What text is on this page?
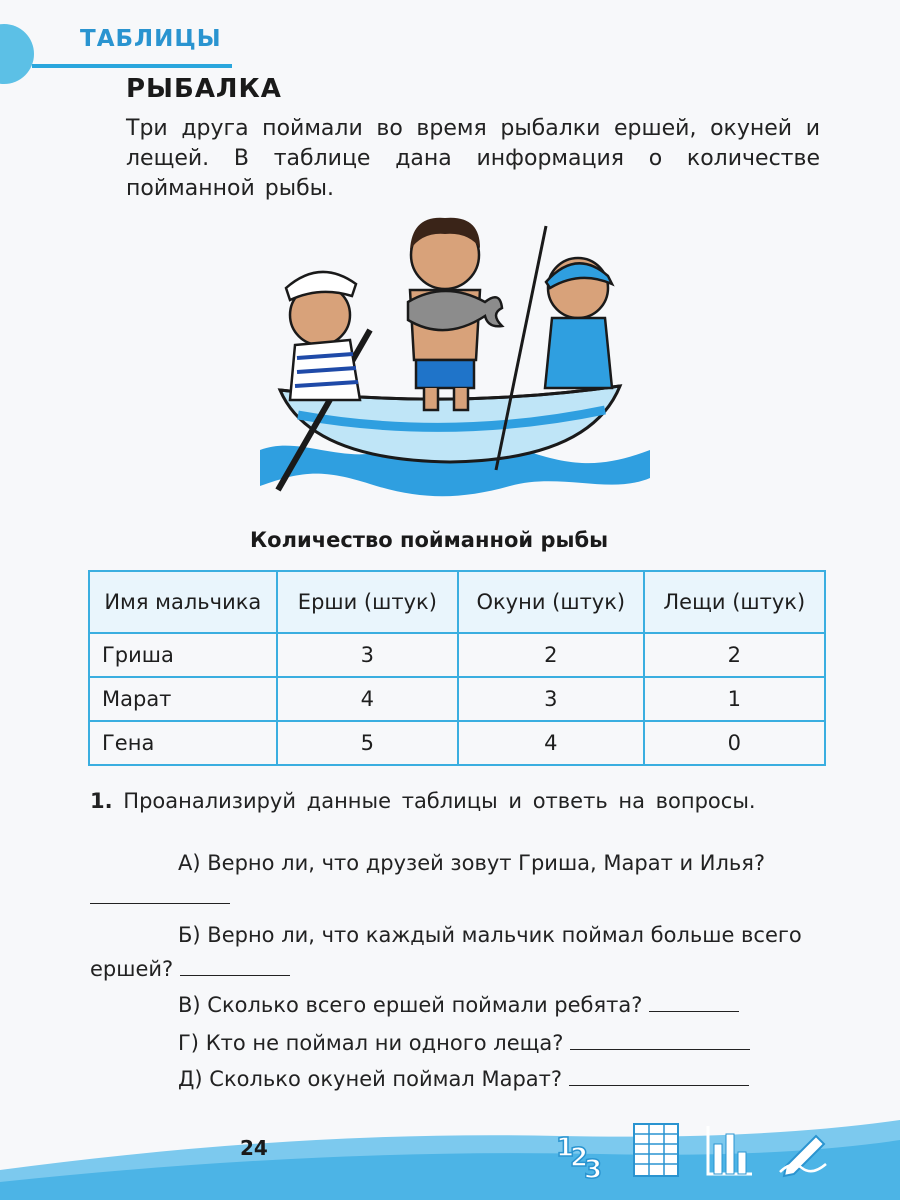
ТАБЛИЦЫ
РЫБАЛКА
Три друга поймали во время рыбалки ершей, окуней и лещей. В таблице дана информация о количестве пойманной рыбы.
Количество пойманной рыбы
Имя мальчика	Ерши (штук)	Окуни (штук)	Лещи (штук)
Гриша	3	2	2
Марат	4	3	1
Гена	5	4	0
1. Проанализируй данные таблицы и ответь на вопросы.
А) Верно ли, что друзей зовут Гриша, Марат и Илья?
Б) Верно ли, что каждый мальчик поймал больше всего ершей?
В) Сколько всего ершей поймали ребята?
Г) Кто не поймал ни одного леща?
Д) Сколько окуней поймал Марат?
24	1
2
3
